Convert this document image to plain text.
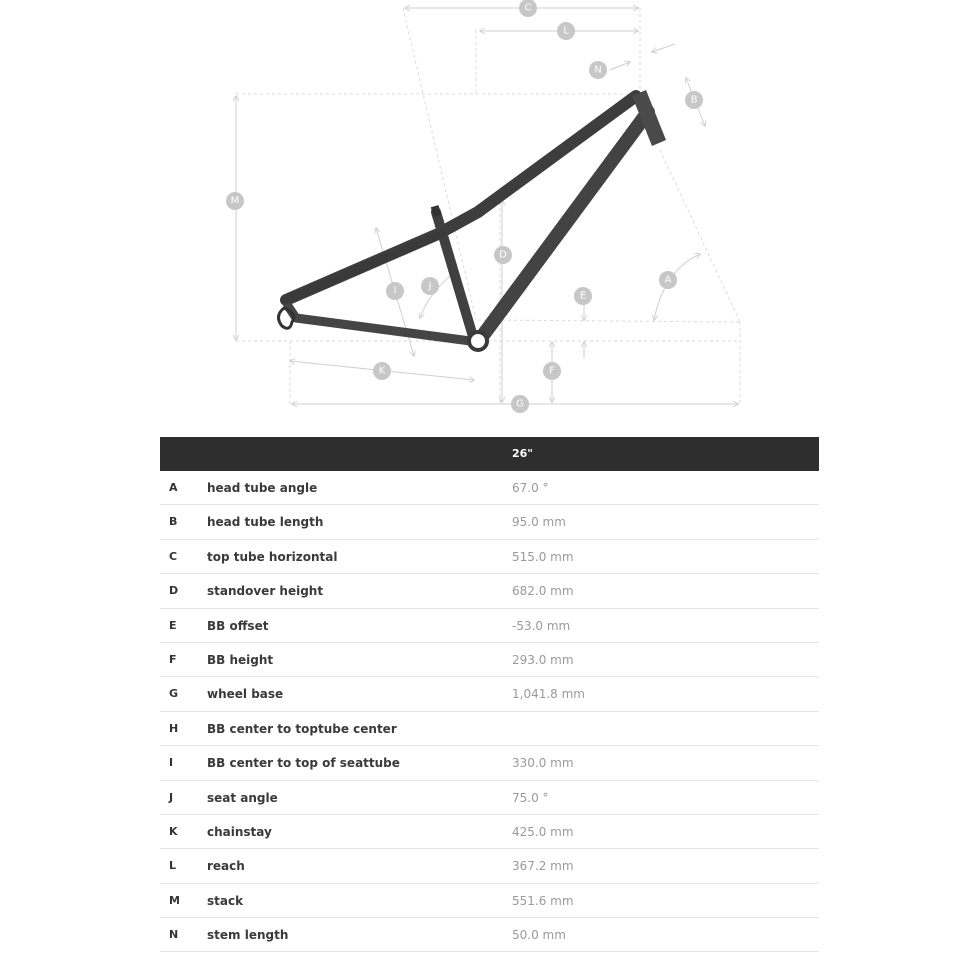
C
L
N
B
M
D
J
A
I	E
K	F
G
26"
A head tube angle	67.0 °
B head tube length	95.0 mm
C top tube horizontal	515.0 mm
D standover height	682.0 mm
E	BB offset	-53.0 mm
F	BB height	293.0 mm
G wheel base	1,041.8 mm
H BB center to toptube center
I	BB center to top of seattube	330.0 mm
J	seat angle	75.0 °
K chainstay	425.0 mm
L	reach	367.2 mm
M stack	551.6 mm
N stem length	50.0 mm
